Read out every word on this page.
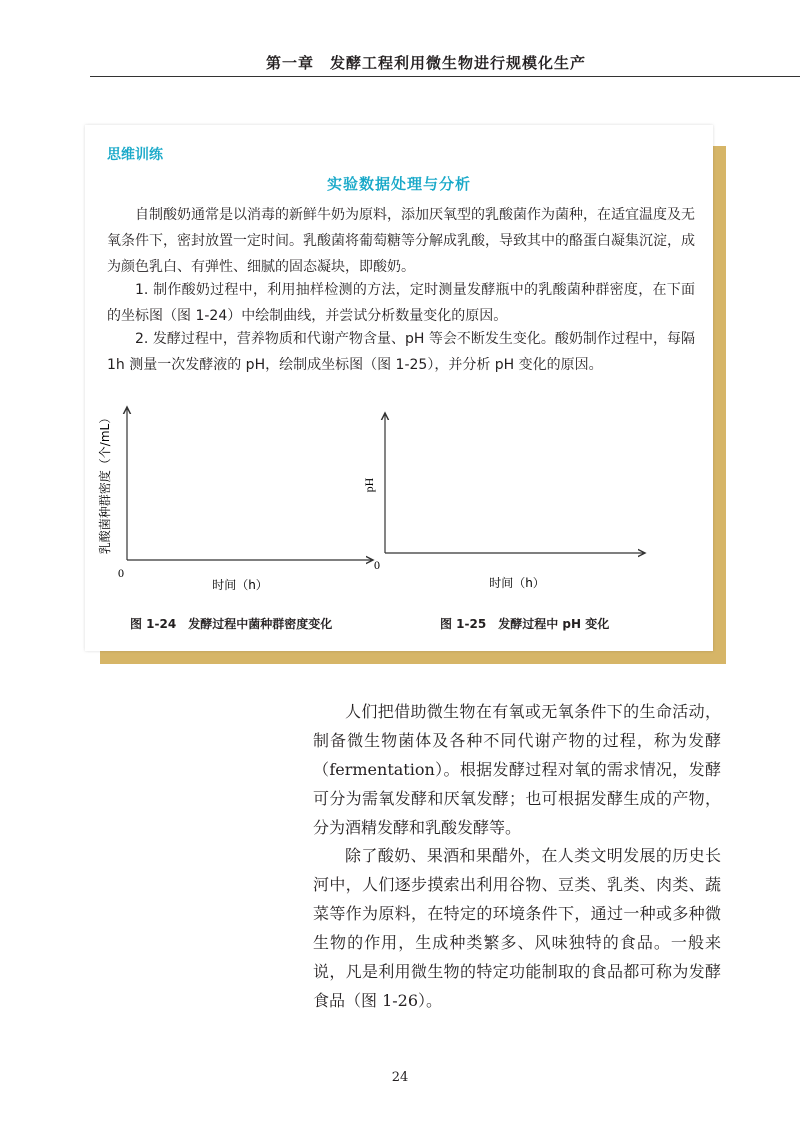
第一章　发酵工程利用微生物进行规模化生产
思维训练
实验数据处理与分析
自制酸奶通常是以消毒的新鲜牛奶为原料，添加厌氧型的乳酸菌作为菌种，在适宜温度及无氧条件下，密封放置一定时间。乳酸菌将葡萄糖等分解成乳酸，导致其中的酪蛋白凝集沉淀，成为颜色乳白、有弹性、细腻的固态凝块，即酸奶。
1. 制作酸奶过程中，利用抽样检测的方法，定时测量发酵瓶中的乳酸菌种群密度，在下面的坐标图（图 1-24）中绘制曲线，并尝试分析数量变化的原因。
2. 发酵过程中，营养物质和代谢产物含量、pH 等会不断发生变化。酸奶制作过程中，每隔 1h 测量一次发酵液的 pH，绘制成坐标图（图 1-25），并分析 pH 变化的原因。
0
时间（h）
乳酸菌种群密度（个/mL）
0
时间（h）
pH
图 1-24　发酵过程中菌种群密度变化	图 1-25　发酵过程中 pH 变化
人们把借助微生物在有氧或无氧条件下的生命活动，制备微生物菌体及各种不同代谢产物的过程，称为发酵（fermentation）。根据发酵过程对氧的需求情况，发酵可分为需氧发酵和厌氧发酵；也可根据发酵生成的产物，分为酒精发酵和乳酸发酵等。
除了酸奶、果酒和果醋外，在人类文明发展的历史长河中，人们逐步摸索出利用谷物、豆类、乳类、肉类、蔬菜等作为原料，在特定的环境条件下，通过一种或多种微生物的作用，生成种类繁多、风味独特的食品。一般来说，凡是利用微生物的特定功能制取的食品都可称为发酵食品（图 1-26）。
24
